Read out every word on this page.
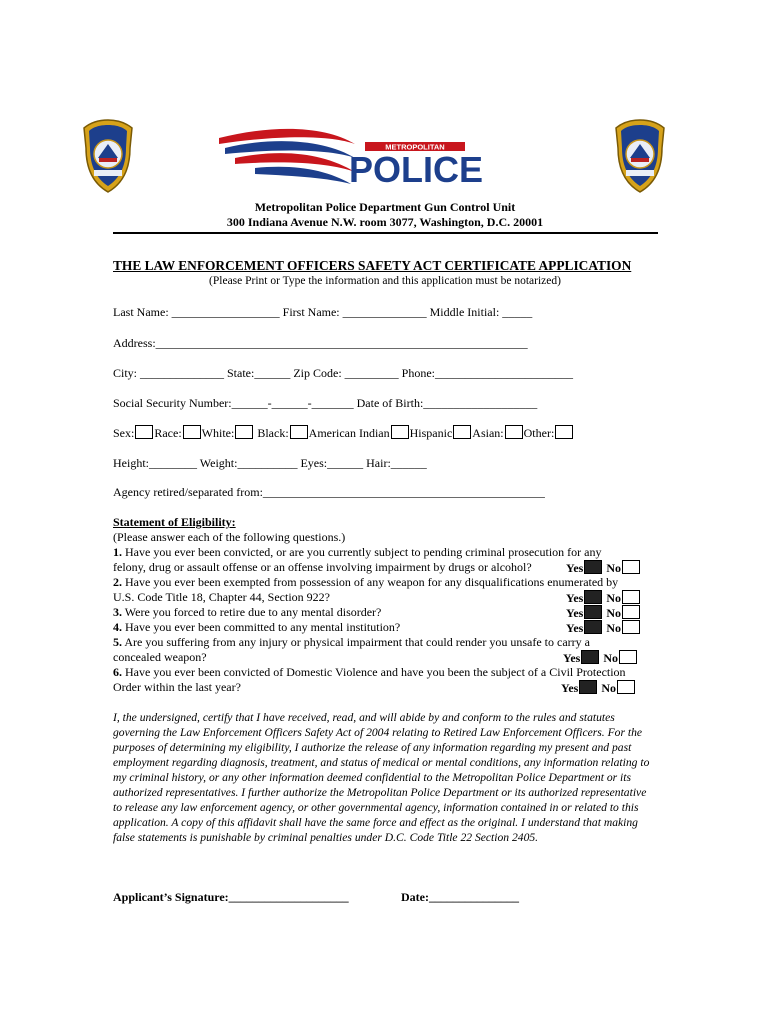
METROPOLITAN
POLICE
Metropolitan Police Department Gun Control Unit
300 Indiana Avenue N.W. room 3077, Washington, D.C. 20001
THE LAW ENFORCEMENT OFFICERS SAFETY ACT CERTIFICATE APPLICATION
(Please Print or Type the information and this application must be notarized)
Last Name: __________________ First Name: ______________ Middle Initial: _____
Address:______________________________________________________________
City: ______________ State:______ Zip Code: _________ Phone:_______________________
Social Security Number:______-______-_______ Date of Birth:___________________
Sex: Race: White: Black: American Indian Hispanic Asian: Other:
Height:________ Weight:__________ Eyes:______ Hair:______
Agency retired/separated from:_______________________________________________
Statement of Eligibility:
(Please answer each of the following questions.)
1. Have you ever been convicted, or are you currently subject to pending criminal prosecution for any
felony, drug or assault offense or an offense involving impairment by drugs or alcohol?	Yes No
2. Have you ever been exempted from possession of any weapon for any disqualifications enumerated by
U.S. Code Title 18, Chapter 44, Section 922?	Yes No
3. Were you forced to retire due to any mental disorder?	Yes No
4. Have you ever been committed to any mental institution?	Yes No
5. Are you suffering from any injury or physical impairment that could render you unsafe to carry a
concealed weapon?	Yes No
6. Have you ever been convicted of Domestic Violence and have you been the subject of a Civil Protection
Order within the last year?	Yes No
I, the undersigned, certify that I have received, read, and will abide by and conform to the rules and statutes governing the Law Enforcement Officers Safety Act of 2004 relating to Retired Law Enforcement Officers. For the purposes of determining my eligibility, I authorize the release of any information regarding my present and past employment regarding diagnosis, treatment, and status of medical or mental conditions, any information relating to my criminal history, or any other information deemed confidential to the Metropolitan Police Department or its authorized representatives. I further authorize the Metropolitan Police Department or its authorized representative to release any law enforcement agency, or other governmental agency, information contained in or related to this application. A copy of this affidavit shall have the same force and effect as the original. I understand that making false statements is punishable by criminal penalties under D.C. Code Title 22 Section 2405.
Applicant’s Signature:____________________	Date:_______________
